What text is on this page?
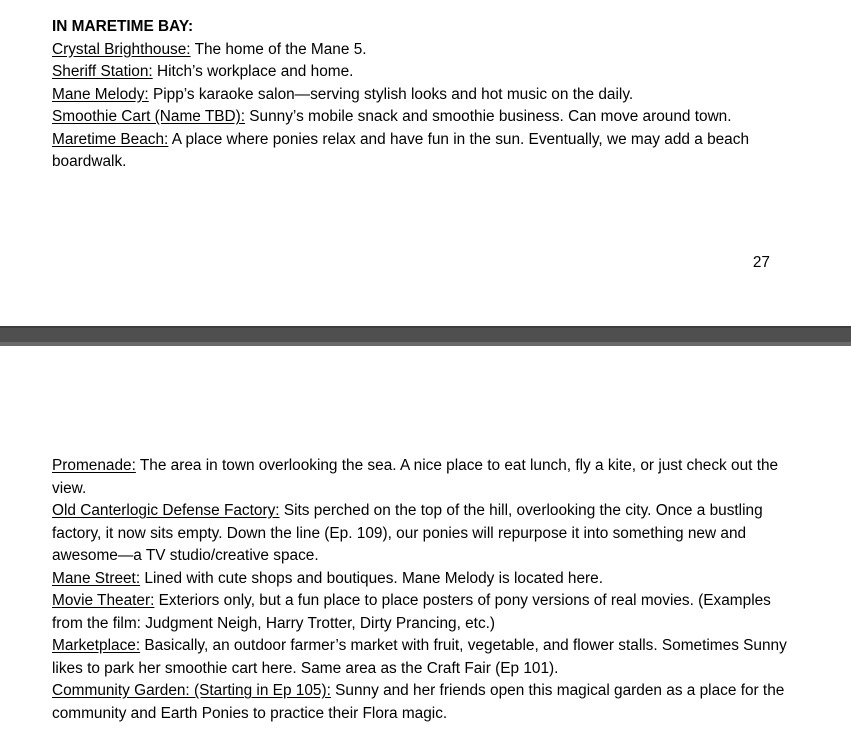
IN MARETIME BAY:

Crystal Brighthouse: The home of the Mane 5.

Sheriff Station: Hitch’s workplace and home.

Mane Melody: Pipp’s karaoke salon—serving stylish looks and hot music on the daily.

Smoothie Cart (Name TBD): Sunny’s mobile snack and smoothie business. Can move around town.

Maretime Beach: A place where ponies relax and have fun in the sun. Eventually, we may add a beach boardwalk.

27

Promenade: The area in town overlooking the sea. A nice place to eat lunch, fly a kite, or just check out the view.

Old Canterlogic Defense Factory: Sits perched on the top of the hill, overlooking the city. Once a bustling factory, it now sits empty. Down the line (Ep. 109), our ponies will repurpose it into something new and awesome—a TV studio/creative space.

Mane Street: Lined with cute shops and boutiques. Mane Melody is located here.

Movie Theater: Exteriors only, but a fun place to place posters of pony versions of real movies. (Examples from the film: Judgment Neigh, Harry Trotter, Dirty Prancing, etc.)

Marketplace: Basically, an outdoor farmer’s market with fruit, vegetable, and flower stalls. Sometimes Sunny likes to park her smoothie cart here. Same area as the Craft Fair (Ep 101).

Community Garden: (Starting in Ep 105): Sunny and her friends open this magical garden as a place for the community and Earth Ponies to practice their Flora magic.
